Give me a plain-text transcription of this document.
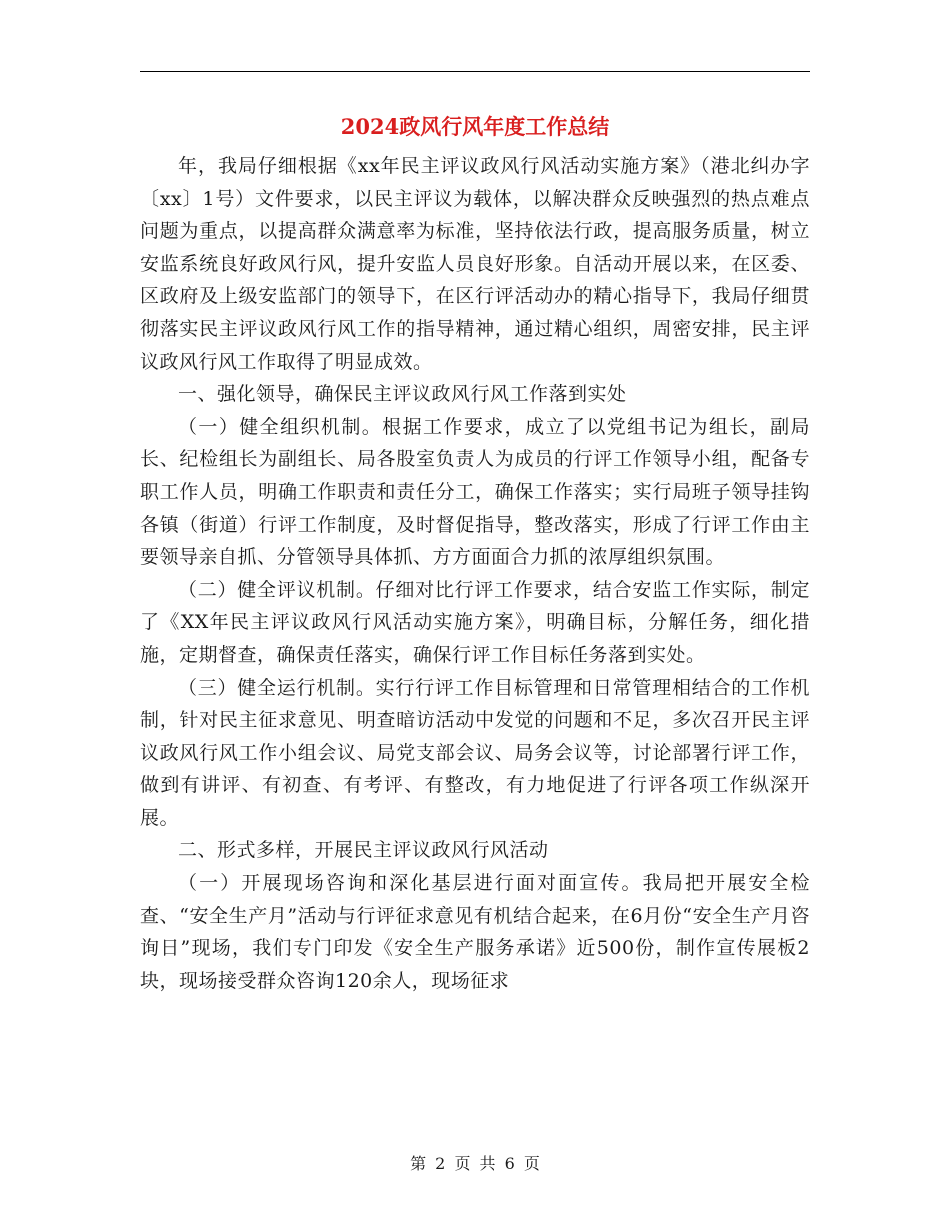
2024政风行风年度工作总结

年，我局仔细根据《xx年民主评议政风行风活动实施方案》（港北纠办字〔xx〕1号）文件要求，以民主评议为载体，以解决群众反映强烈的热点难点问题为重点，以提高群众满意率为标准，坚持依法行政，提高服务质量，树立安监系统良好政风行风，提升安监人员良好形象。自活动开展以来，在区委、区政府及上级安监部门的领导下，在区行评活动办的精心指导下，我局仔细贯彻落实民主评议政风行风工作的指导精神，通过精心组织，周密安排，民主评议政风行风工作取得了明显成效。

一、强化领导，确保民主评议政风行风工作落到实处

（一）健全组织机制。根据工作要求，成立了以党组书记为组长，副局长、纪检组长为副组长、局各股室负责人为成员的行评工作领导小组，配备专职工作人员，明确工作职责和责任分工，确保工作落实；实行局班子领导挂钩各镇（街道）行评工作制度，及时督促指导，整改落实，形成了行评工作由主要领导亲自抓、分管领导具体抓、方方面面合力抓的浓厚组织氛围。

（二）健全评议机制。仔细对比行评工作要求，结合安监工作实际，制定了《XX年民主评议政风行风活动实施方案》，明确目标，分解任务，细化措施，定期督查，确保责任落实，确保行评工作目标任务落到实处。

（三）健全运行机制。实行行评工作目标管理和日常管理相结合的工作机制，针对民主征求意见、明查暗访活动中发觉的问题和不足，多次召开民主评议政风行风工作小组会议、局党支部会议、局务会议等，讨论部署行评工作，做到有讲评、有初查、有考评、有整改，有力地促进了行评各项工作纵深开展。

二、形式多样，开展民主评议政风行风活动

（一）开展现场咨询和深化基层进行面对面宣传。我局把开展安全检查、“安全生产月”活动与行评征求意见有机结合起来，在6月份“安全生产月咨询日”现场，我们专门印发《安全生产服务承诺》近500份，制作宣传展板2块，现场接受群众咨询120余人，现场征求

第 2 页 共 6 页
